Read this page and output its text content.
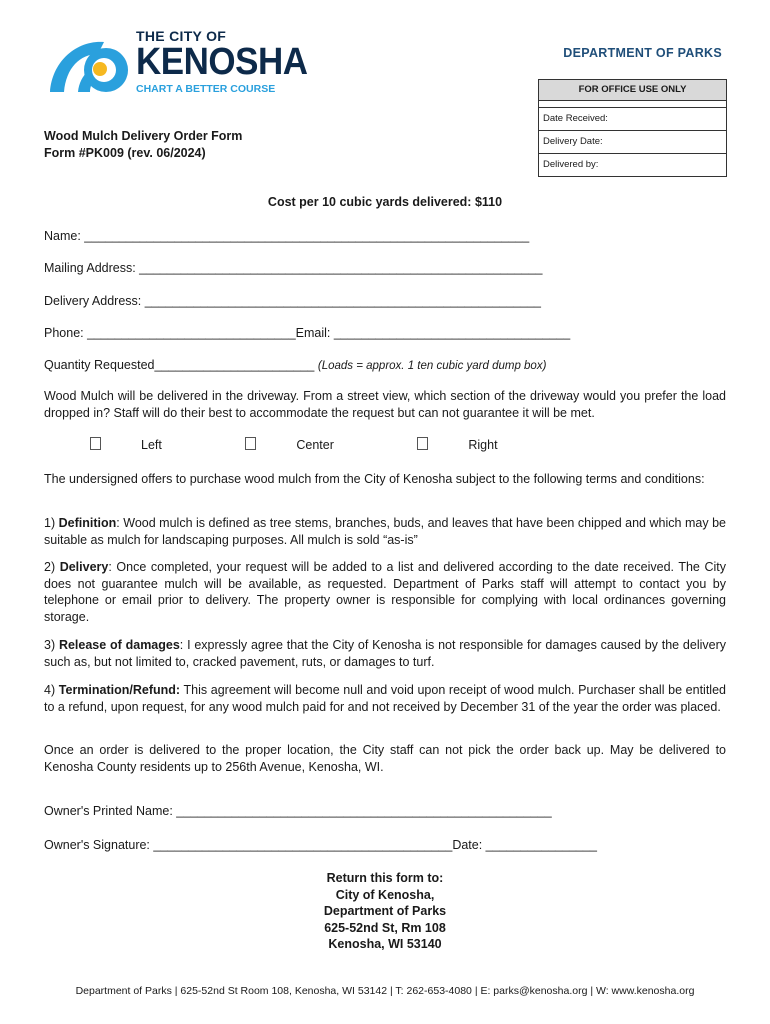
THE CITY OF
KENOSHA
CHART A BETTER COURSE
DEPARTMENT OF PARKS
FOR OFFICE USE ONLY
Date Received:
Delivery Date:
Delivered by:
Wood Mulch Delivery Order Form
Form #PK009 (rev. 06/2024)
Cost per 10 cubic yards delivered: $110
Name: ________________________________________________________________
Mailing Address: __________________________________________________________
Delivery Address: _________________________________________________________
Phone: ______________________________Email: __________________________________
Quantity Requested_______________________ (Loads = approx. 1 ten cubic yard dump box)
Wood Mulch will be delivered in the driveway. From a street view, which section of the driveway would you prefer the load dropped in? Staff will do their best to accommodate the request but can not guarantee it will be met.
Left	Center	Right
The undersigned offers to purchase wood mulch from the City of Kenosha subject to the following terms and conditions:
1) Definition: Wood mulch is defined as tree stems, branches, buds, and leaves that have been chipped and which may be suitable as mulch for landscaping purposes. All mulch is sold “as-is”
2) Delivery: Once completed, your request will be added to a list and delivered according to the date received. The City does not guarantee mulch will be available, as requested. Department of Parks staff will attempt to contact you by telephone or email prior to delivery. The property owner is responsible for complying with local ordinances governing storage.
3) Release of damages: I expressly agree that the City of Kenosha is not responsible for damages caused by the delivery such as, but not limited to, cracked pavement, ruts, or damages to turf.
4) Termination/Refund: This agreement will become null and void upon receipt of wood mulch. Purchaser shall be entitled to a refund, upon request, for any wood mulch paid for and not received by December 31 of the year the order was placed.
Once an order is delivered to the proper location, the City staff can not pick the order back up. May be delivered to Kenosha County residents up to 256th Avenue, Kenosha, WI.
Owner's Printed Name: ______________________________________________________
Owner's Signature: ___________________________________________Date: ________________
Return this form to:
City of Kenosha,
Department of Parks
625-52nd St, Rm 108
Kenosha, WI 53140
Department of Parks | 625-52nd St Room 108, Kenosha, WI 53142 | T: 262-653-4080 | E: parks@kenosha.org | W: www.kenosha.org
